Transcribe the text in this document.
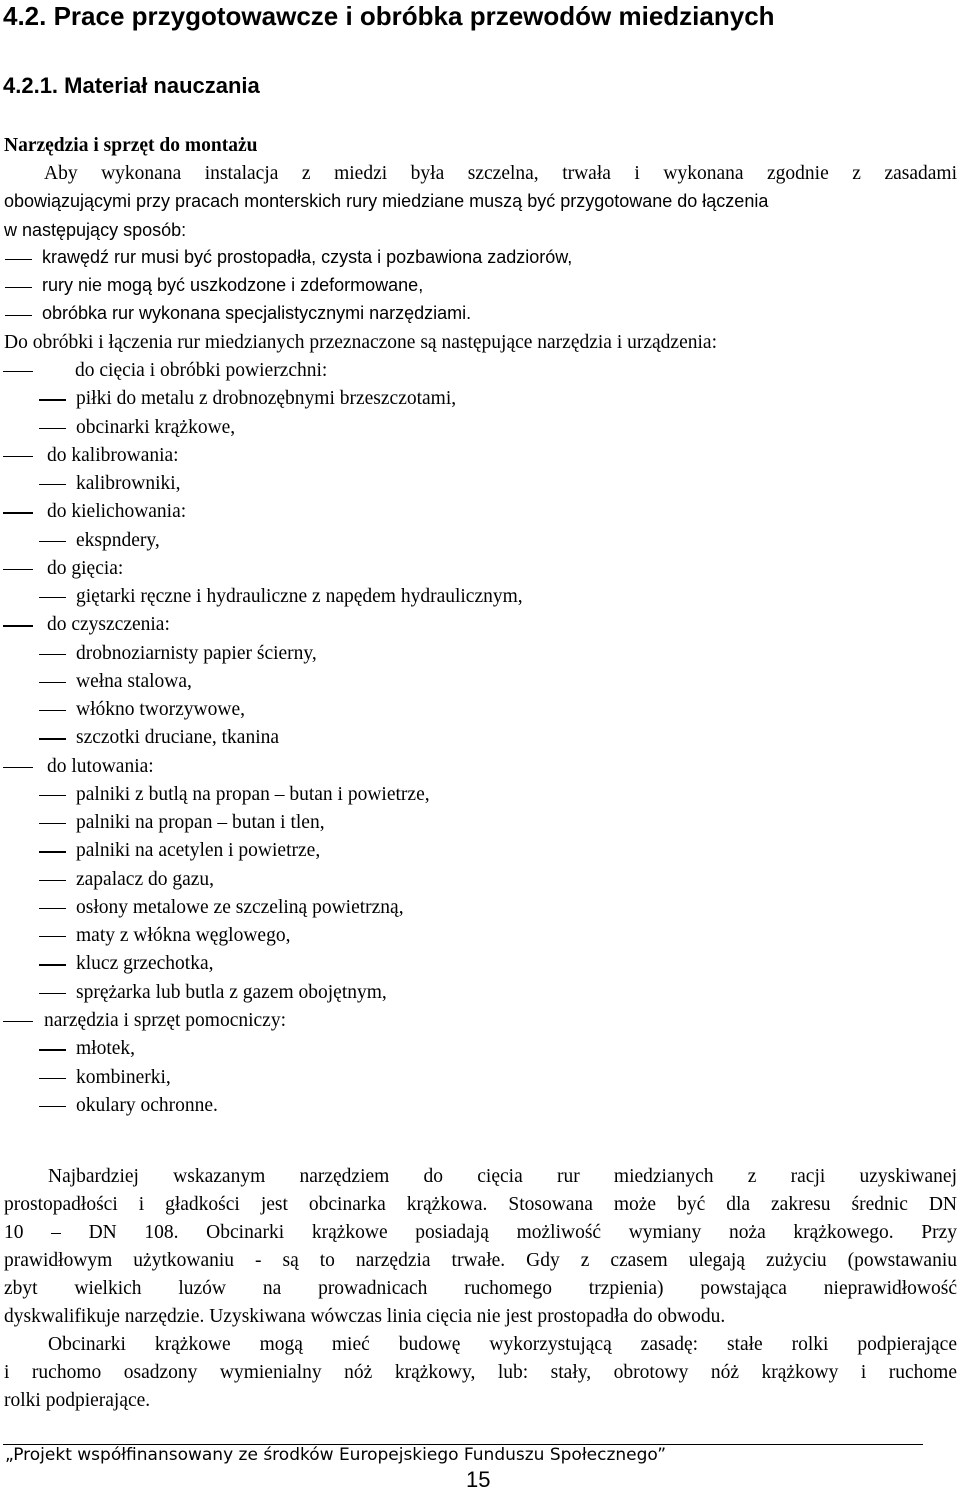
4.2. Prace przygotowawcze i obróbka przewodów miedzianych
4.2.1. Materiał nauczania
Narzędzia i sprzęt do montażu
Aby wykonana instalacja z miedzi była szczelna, trwała i wykonana zgodnie z zasadami
obowiązującymi przy pracach monterskich rury miedziane muszą być przygotowane do łączenia
w następujący sposób:
krawędź rur musi być prostopadła, czysta i pozbawiona zadziorów,
rury nie mogą być uszkodzone i zdeformowane,
obróbka rur wykonana specjalistycznymi narzędziami.
Do obróbki i łączenia rur miedzianych przeznaczone są następujące narzędzia i urządzenia:
do cięcia i obróbki powierzchni:
piłki do metalu z drobnozębnymi brzeszczotami,
obcinarki krążkowe,
do kalibrowania:
kalibrowniki,
do kielichowania:
ekspndery,
do gięcia:
giętarki ręczne i hydrauliczne z napędem hydraulicznym,
do czyszczenia:
drobnoziarnisty papier ścierny,
wełna stalowa,
włókno tworzywowe,
szczotki druciane, tkanina
do lutowania:
palniki z butlą na propan – butan i powietrze,
palniki na propan – butan i tlen,
palniki na acetylen i powietrze,
zapalacz do gazu,
osłony metalowe ze szczeliną powietrzną,
maty z włókna węglowego,
klucz grzechotka,
sprężarka lub butla z gazem obojętnym,
narzędzia i sprzęt pomocniczy:
młotek,
kombinerki,
okulary ochronne.
Najbardziej wskazanym narzędziem do cięcia rur miedzianych z racji uzyskiwanej
prostopadłości i gładkości jest obcinarka krążkowa. Stosowana może być dla zakresu średnic DN
10 – DN 108. Obcinarki krążkowe posiadają możliwość wymiany noża krążkowego. Przy
prawidłowym użytkowaniu - są to narzędzia trwałe. Gdy z czasem ulegają zużyciu (powstawaniu
zbyt wielkich luzów na prowadnicach ruchomego trzpienia) powstająca nieprawidłowość
dyskwalifikuje narzędzie. Uzyskiwana wówczas linia cięcia nie jest prostopadła do obwodu.
Obcinarki krążkowe mogą mieć budowę wykorzystującą zasadę: stałe rolki podpierające
i ruchomo osadzony wymienialny nóż krążkowy, lub: stały, obrotowy nóż krążkowy i ruchome
rolki podpierające.
„Projekt współfinansowany ze środków Europejskiego Funduszu Społecznego”
15
